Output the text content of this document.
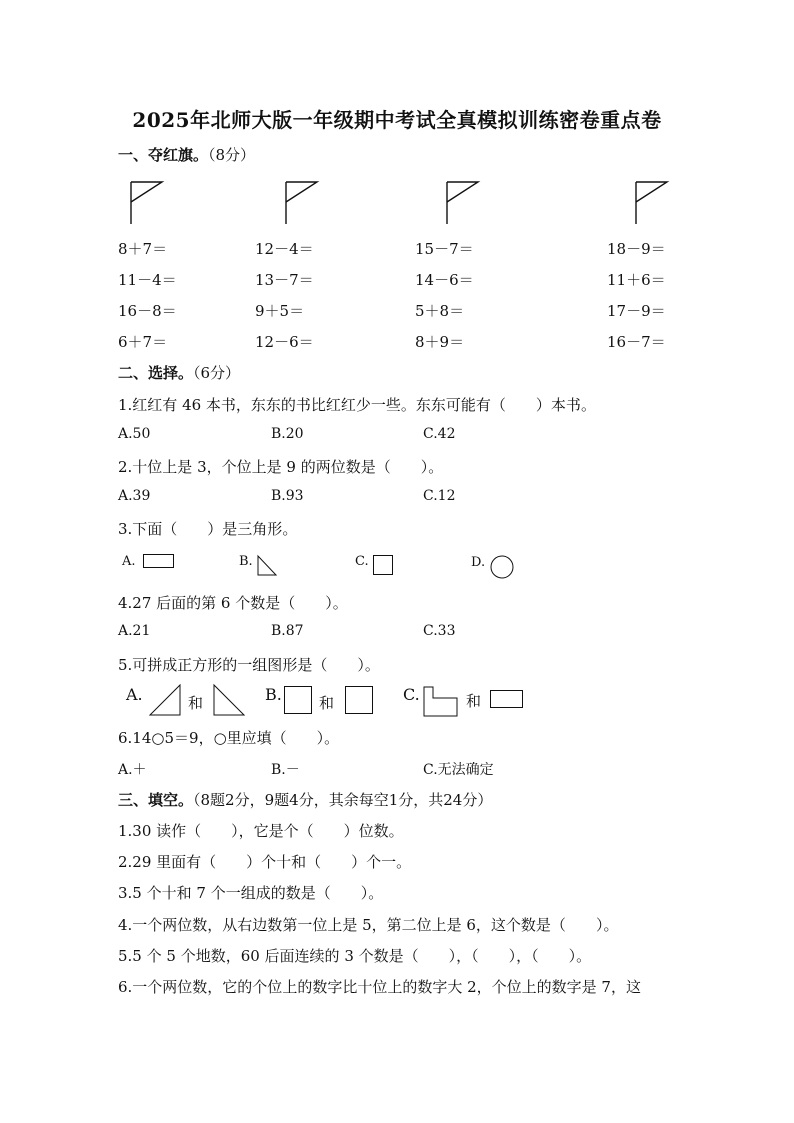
2025年北师大版一年级期中考试全真模拟训练密卷重点卷
一、夺红旗。（8分）
8＋7＝	12－4＝	15－7＝	18－9＝
11－4＝	13－7＝	14－6＝	11＋6＝
16－8＝	9＋5＝	5＋8＝	17－9＝
6＋7＝	12－6＝	8＋9＝	16－7＝
二、选择。（6分）
1.红红有 46 本书，东东的书比红红少一些。东东可能有（　　）本书。
A.50	B.20	C.42
2.十位上是 3，个位上是 9 的两位数是（　　）。
A.39	B.93	C.12
3.下面（　　）是三角形。
A.	B.	C.	D.
4.27 后面的第 6 个数是（　　）。
A.21	B.87	C.33
5.可拼成正方形的一组图形是（　　）。
A.	和	B. 和	C.	和
6.14○5＝9，○里应填（　　）。
A.＋	B.－	C.无法确定
三、填空。（8题2分，9题4分，其余每空1分，共24分）
1.30 读作（　　），它是个（　　）位数。
2.29 里面有（　　）个十和（　　）个一。
3.5 个十和 7 个一组成的数是（　　）。
4.一个两位数，从右边数第一位上是 5，第二位上是 6，这个数是（　　）。
5.5 个 5 个地数，60 后面连续的 3 个数是（　　），（　　），（　　）。
6.一个两位数，它的个位上的数字比十位上的数字大 2，个位上的数字是 7，这
